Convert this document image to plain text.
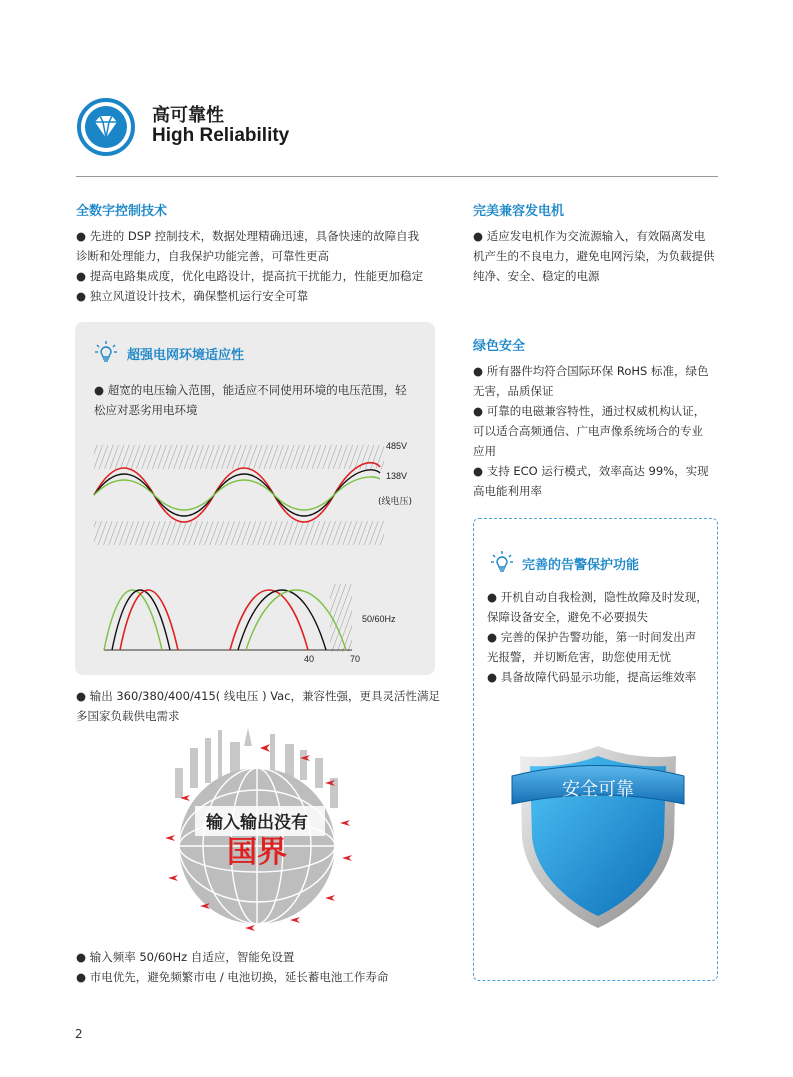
高可靠性
High Reliability
全数字控制技术

● 先进的 DSP 控制技术，数据处理精确迅速，具备快速的故障自我

诊断和处理能力，自我保护功能完善，可靠性更高

● 提高电路集成度，优化电路设计，提高抗干扰能力，性能更加稳定

● 独立风道设计技术，确保整机运行安全可靠

超强电网环境适应性

● 超宽的电压输入范围，能适应不同使用环境的电压范围，轻

松应对恶劣用电环境

485V
138V
(线电压)
50/60Hz
40	70

● 输出 360/380/400/415( 线电压 ) Vac，兼容性强，更具灵活性满足

多国家负载供电需求

输入输出没有
国界

● 输入频率 50/60Hz 自适应，智能免设置

● 市电优先，避免频繁市电 / 电池切换，延长蓄电池工作寿命

完美兼容发电机

● 适应发电机作为交流源输入，有效隔离发电

机产生的不良电力，避免电网污染，为负载提供

纯净、安全、稳定的电源

绿色安全

● 所有器件均符合国际环保 RoHS 标准，绿色

无害，品质保证

● 可靠的电磁兼容特性，通过权威机构认证，

可以适合高频通信、广电声像系统场合的专业

应用

● 支持 ECO 运行模式，效率高达 99%，实现

高电能利用率

完善的告警保护功能

● 开机自动自我检测，隐性故障及时发现，

保障设备安全，避免不必要损失

● 完善的保护告警功能，第一时间发出声

光报警，并切断危害，助您使用无忧

● 具备故障代码显示功能，提高运维效率

安全可靠
2
